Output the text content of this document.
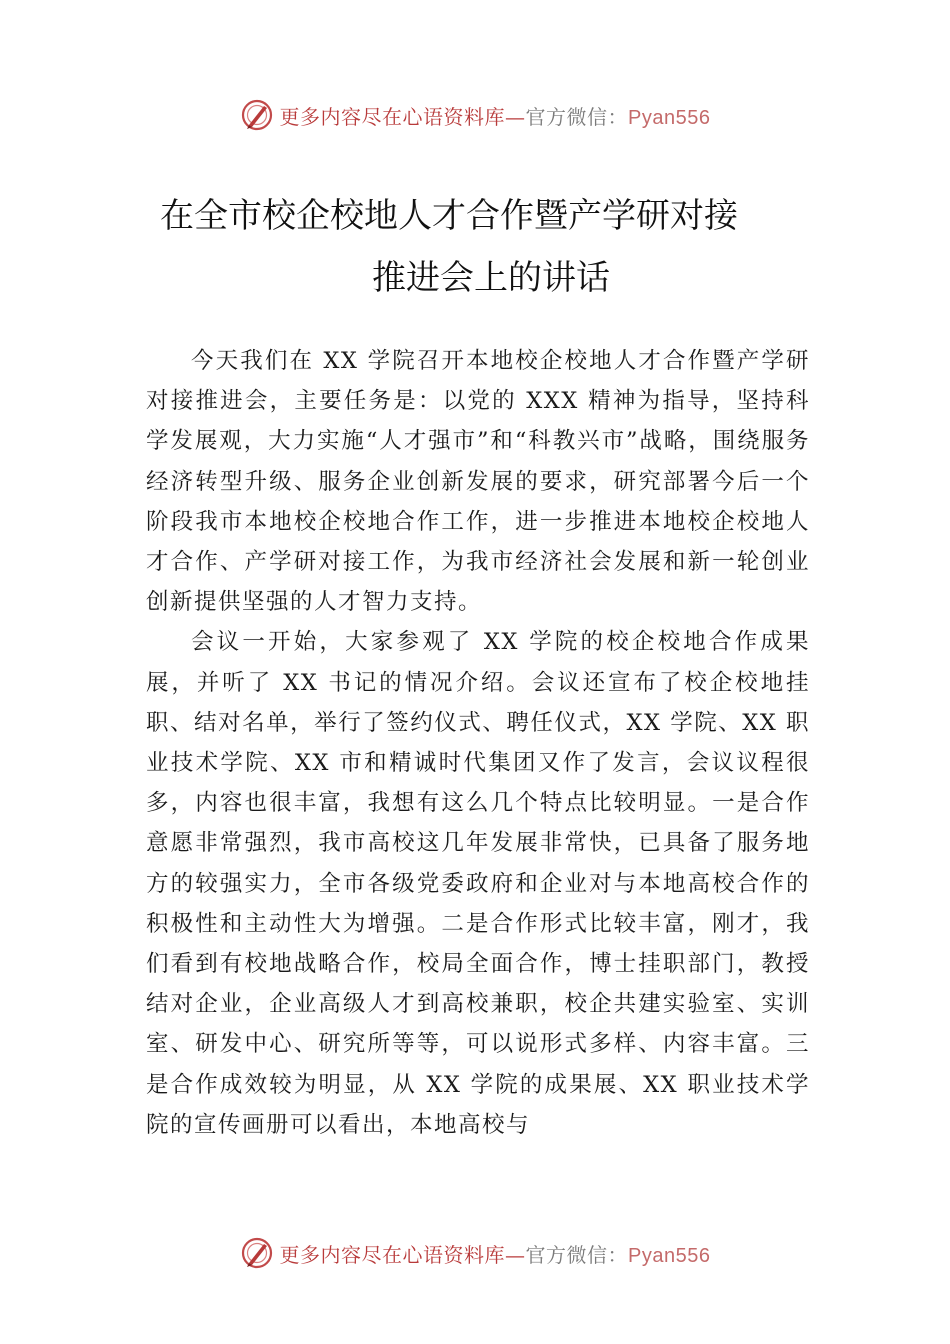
更多内容尽在心语资料库—官方微信：Pyan556
在全市校企校地人才合作暨产学研对接
推进会上的讲话

今天我们在 XX 学院召开本地校企校地人才合作暨产学研对接推进会，主要任务是：以党的 XXX 精神为指导，坚持科学发展观，大力实施“人才强市”和“科教兴市”战略，围绕服务经济转型升级、服务企业创新发展的要求，研究部署今后一个阶段我市本地校企校地合作工作，进一步推进本地校企校地人才合作、产学研对接工作，为我市经济社会发展和新一轮创业创新提供坚强的人才智力支持。

会议一开始，大家参观了 XX 学院的校企校地合作成果展，并听了 XX 书记的情况介绍。会议还宣布了校企校地挂职、结对名单，举行了签约仪式、聘任仪式，XX 学院、XX 职业技术学院、XX 市和精诚时代集团又作了发言，会议议程很多，内容也很丰富，我想有这么几个特点比较明显。一是合作意愿非常强烈，我市高校这几年发展非常快，已具备了服务地方的较强实力，全市各级党委政府和企业对与本地高校合作的积极性和主动性大为增强。二是合作形式比较丰富，刚才，我们看到有校地战略合作，校局全面合作，博士挂职部门，教授结对企业，企业高级人才到高校兼职，校企共建实验室、实训室、研发中心、研究所等等，可以说形式多样、内容丰富。三是合作成效较为明显，从 XX 学院的成果展、XX 职业技术学院的宣传画册可以看出，本地高校与

更多内容尽在心语资料库—官方微信：Pyan556
